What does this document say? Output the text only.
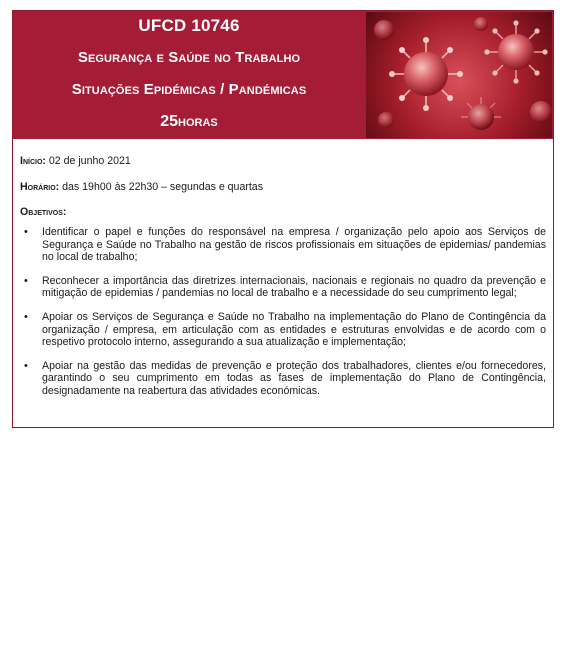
UFCD 10746
Segurança e Saúde no Trabalho
Situações Epidémicas / Pandémicas
25horas
Início: 02 de junho 2021
Horário: das 19h00 às 22h30 – segundas e quartas
Objetivos:
• Identificar o papel e funções do responsável na empresa / organização pelo apoio aos Serviços de Segurança e Saúde no Trabalho na gestão de riscos profissionais em situações de epidemias/ pandemias no local de trabalho;
• Reconhecer a importância das diretrizes internacionais, nacionais e regionais no quadro da prevenção e mitigação de epidemias / pandemias no local de trabalho e a necessidade do seu cumprimento legal;
• Apoiar os Serviços de Segurança e Saúde no Trabalho na implementação do Plano de Contingência da organização / empresa, em articulação com as entidades e estruturas envolvidas e de acordo com o respetivo protocolo interno, assegurando a sua atualização e implementação;
• Apoiar na gestão das medidas de prevenção e proteção dos trabalhadores, clientes e/ou fornecedores, garantindo o seu cumprimento em todas as fases de implementação do Plano de Contingência, designadamente na reabertura das atividades económicas.
